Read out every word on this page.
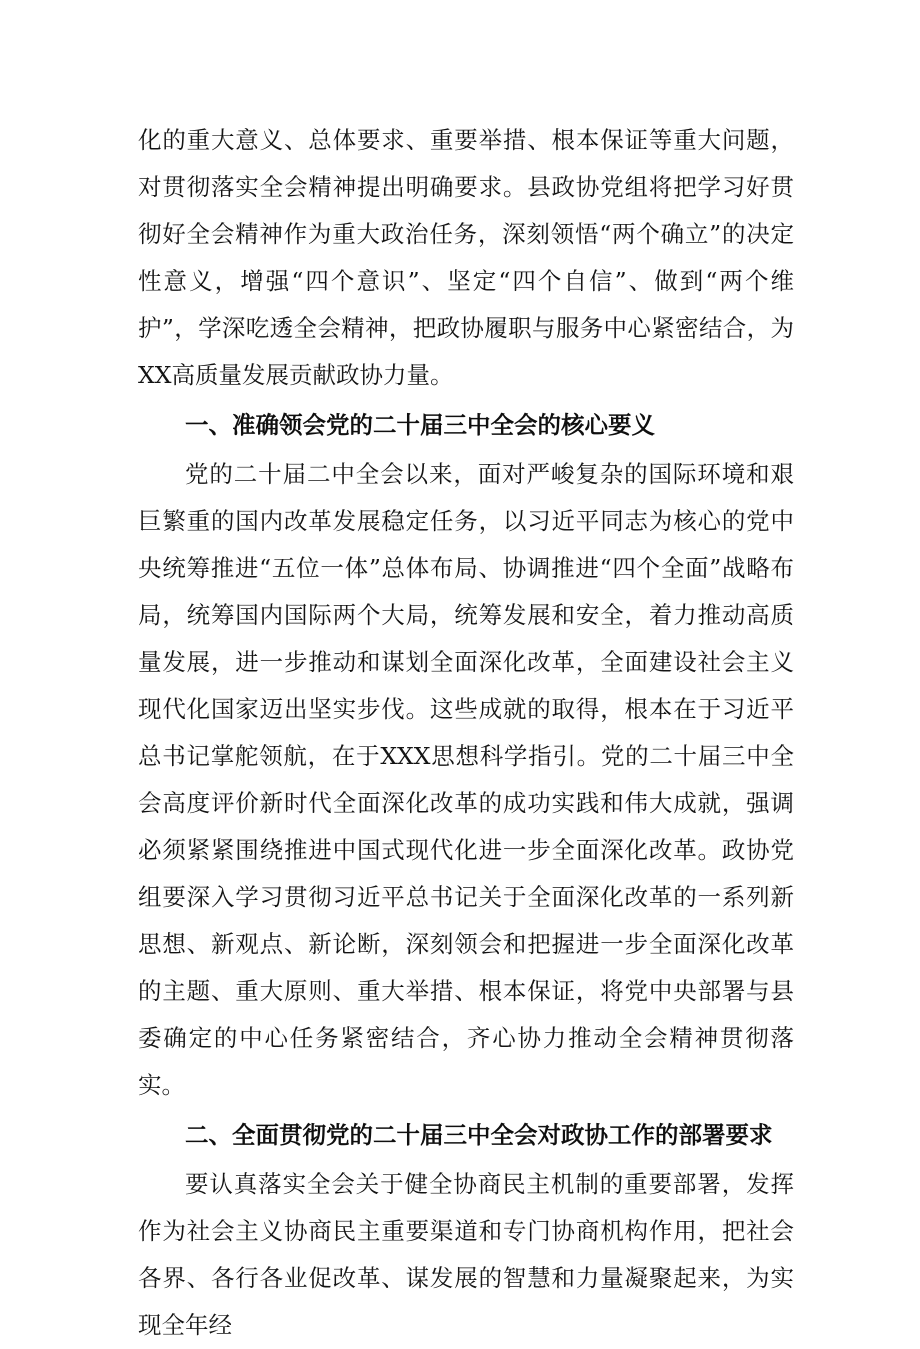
化的重大意义、总体要求、重要举措、根本保证等重大问题，对贯彻落实全会精神提出明确要求。县政协党组将把学习好贯彻好全会精神作为重大政治任务，深刻领悟“两个确立”的决定性意义，增强“四个意识”、坚定“四个自信”、做到“两个维护”，学深吃透全会精神，把政协履职与服务中心紧密结合，为XX高质量发展贡献政协力量。

一、准确领会党的二十届三中全会的核心要义

党的二十届二中全会以来，面对严峻复杂的国际环境和艰巨繁重的国内改革发展稳定任务，以习近平同志为核心的党中央统筹推进“五位一体”总体布局、协调推进“四个全面”战略布局，统筹国内国际两个大局，统筹发展和安全，着力推动高质量发展，进一步推动和谋划全面深化改革，全面建设社会主义现代化国家迈出坚实步伐。这些成就的取得，根本在于习近平总书记掌舵领航，在于XXX思想科学指引。党的二十届三中全会高度评价新时代全面深化改革的成功实践和伟大成就，强调必须紧紧围绕推进中国式现代化进一步全面深化改革。政协党组要深入学习贯彻习近平总书记关于全面深化改革的一系列新思想、新观点、新论断，深刻领会和把握进一步全面深化改革的主题、重大原则、重大举措、根本保证，将党中央部署与县委确定的中心任务紧密结合，齐心协力推动全会精神贯彻落实。

二、全面贯彻党的二十届三中全会对政协工作的部署要求

要认真落实全会关于健全协商民主机制的重要部署，发挥作为社会主义协商民主重要渠道和专门协商机构作用，把社会各界、各行各业促改革、谋发展的智慧和力量凝聚起来，为实现全年经
